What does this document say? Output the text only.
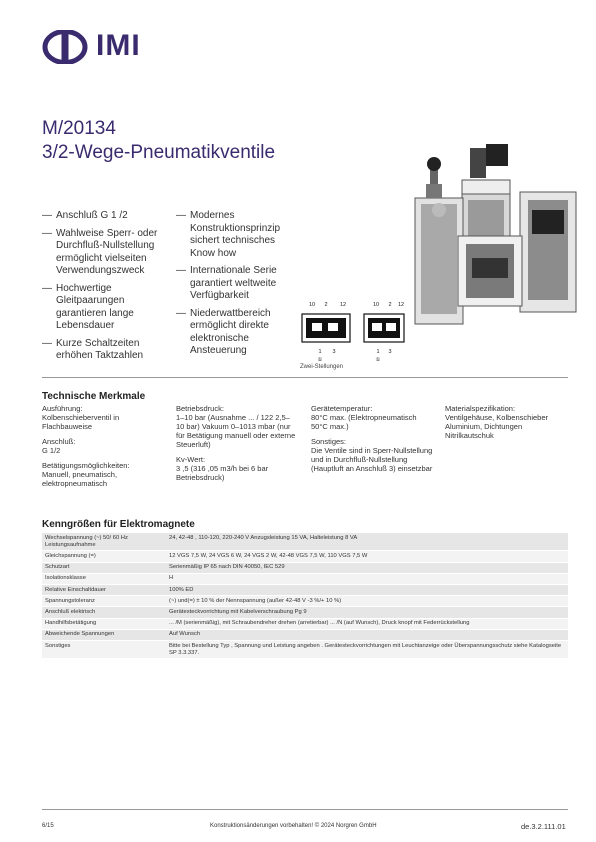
IMI
M/20134
3/2-Wege-Pneumatikventile
— Anschluß G 1 /2
— Wahlweise Sperr- oder Durchfluß-Nullstellung ermöglicht vielseiten Verwendungszweck
— Hochwertige Gleitpaarungen garantieren lange Lebensdauer
— Kurze Schaltzeiten erhöhen Taktzahlen
— Modernes Konstruktionsprinzip sichert technisches Know how
— Internationale Serie garantiert weltweite Verfügbarkeit
— Niederwattbereich ermöglicht direkte elektronische Ansteuerung
10 2 12	10 2 12
1 3	1 3
①	①
Zwei-Stellungen
Technische Merkmale
Ausführung:
Kolbenschieberventil in Flachbauweise
Anschluß:
G 1/2
Betätigungsmöglichkeiten:
Manuell, pneumatisch, elektropneumatisch
Betriebsdruck:
1–10 bar (Ausnahme ... / 122 2,5–10 bar) Vakuum 0–1013 mbar (nur für Betätigung manuell oder externe Steuerluft)
Kv-Wert:
3 ,5 (316 ,05 m3/h bei 6 bar Betriebsdruck)
Gerätetemperatur:
80°C max. (Elektropneumatisch 50°C max.)
Sonstiges:
Die Ventile sind in Sperr-Nullstellung und in Durchfluß-Nullstellung (Hauptluft an Anschluß 3) einsetzbar
Materialspezifikation:
Ventilgehäuse, Kolbenschieber Aluminium, Dichtungen Nitrilkautschuk
Kenngrößen für Elektromagnete
Wechselspannung (~) 50/ 60 Hz Leistungsaufnahme	24, 42-48 , 110-120, 220-240 V Anzugsleistung 15 VA, Halteleistung 8 VA
Gleichspannung (=)	12 VGS 7,5 W, 24 VGS 6 W, 24 VGS 2 W, 42-48 VGS 7,5 W, 110 VGS 7,5 W
Schutzart	Serienmäßig IP 65 nach DIN 40050, IEC 529
Isolationsklasse	H
Relative Einschaltdauer	100% ED
Spannungstoleranz	(~) und(=) ± 10 % der Nennspannung (außer 42-48 V -3 %/+ 10 %)
Anschluß elektrisch	Gerätesteckvorrichtung mit Kabelverschraubung Pg 9
Handhilfsbetätigung	... /M (serienmäßig), mit Schraubendreher drehen (arretierbar) ... /N (auf Wunsch), Druck knopf mit Federrückstellung
Abweichende Spannungen	Auf Wunsch
Sonstiges	Bitte bei Bestellung Typ , Spannung und Leistung angeben . Gerätesteckvorrichtungen mit Leuchtanzeige oder Überspannungsschutz siehe Katalogseite SP 3.3.337.
6/15	Konstruktionsänderungen vorbehalten! © 2024 Norgren GmbH	de.3.2.111.01
